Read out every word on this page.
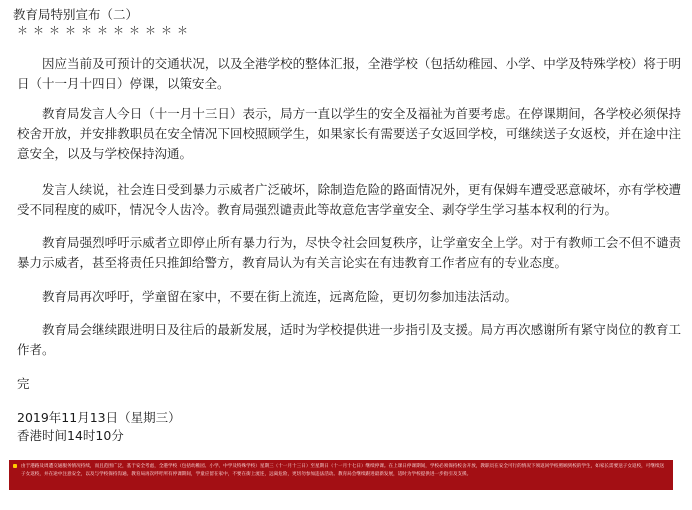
教育局特别宣布（二）
＊＊＊＊＊＊＊＊＊＊＊

因应当前及可预计的交通状况，以及全港学校的整体汇报，全港学校（包括幼稚园、小学、中学及特殊学校）将于明日（十一月十四日）停课，以策安全。

教育局发言人今日（十一月十三日）表示，局方一直以学生的安全及福祉为首要考虑。在停课期间，各学校必须保持校舍开放，并安排教职员在安全情况下回校照顾学生，如果家长有需要送子女返回学校，可继续送子女返校，并在途中注意安全，以及与学校保持沟通。

发言人续说，社会连日受到暴力示威者广泛破坏，除制造危险的路面情况外，更有保姆车遭受恶意破坏，亦有学校遭受不同程度的威吓，情况令人齿冷。教育局强烈谴责此等故意危害学童安全、剥夺学生学习基本权利的行为。

教育局强烈呼吁示威者立即停止所有暴力行为，尽快令社会回复秩序，让学童安全上学。对于有教师工会不但不谴责暴力示威者，甚至将责任只推卸给警方，教育局认为有关言论实在有违教育工作者应有的专业态度。

教育局再次呼吁，学童留在家中，不要在街上流连，远离危险，更切勿参加违法活动。

教育局会继续跟进明日及往后的最新发展，适时为学校提供进一步指引及支援。局方再次感谢所有紧守岗位的教育工作者。

完
2019年11月13日（星期三）
香港时间14时10分
由于港路及周遭交通服务情况持续，而且范围广泛，基于安全考虑，全港学校（包括幼稚园、小学、中学及特殊学校）星期三（十一月十三日）至星期日（十一月十七日）继续停课。在上课日停课期间，学校必须保持校舍开放，教职员在安全可行的情况下须返回学校照顾到校的学生，如家长需要送子女返校，可继续送子女返校，并在途中注意安全，以及与学校保持沟通。教育局再次呼吁所有停课期间，学童应留在家中，不要在街上流连，远离危险，更切勿参加违法活动。教育局会继续跟进最新发展，适时为学校提供进一步指引及支援。
